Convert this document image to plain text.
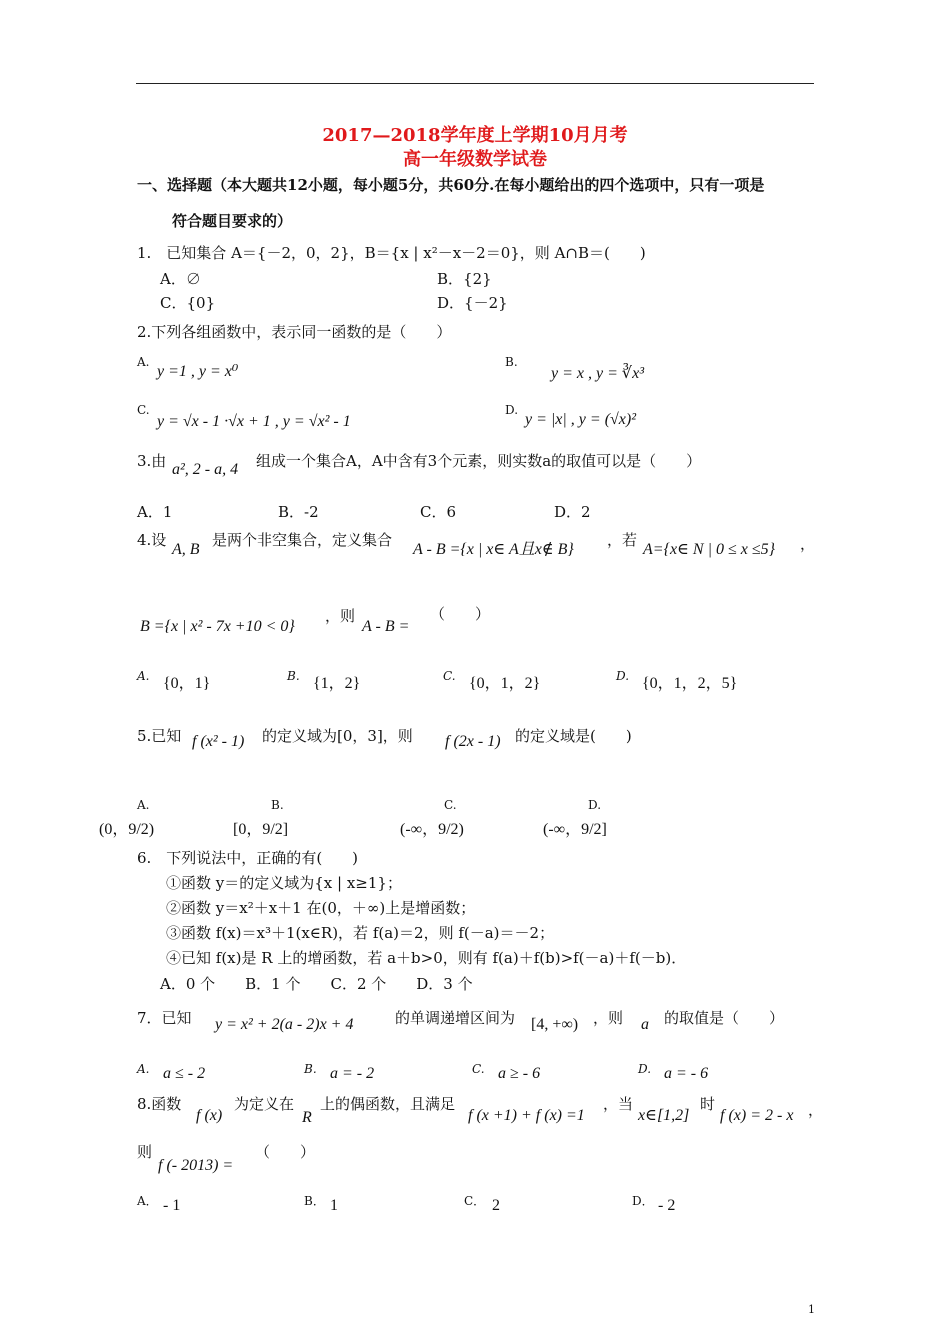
2017—2018学年度上学期10月月考
高一年级数学试卷
一、选择题（本大题共12小题，每小题5分，共60分.在每小题给出的四个选项中，只有一项是
符合题目要求的）
1.　已知集合 A＝{－2，0，2}，B＝{x | x²－x－2＝0}，则 A∩B＝(　　)
A．∅	B．{2}
C．{0}	D．{－2}
2.下列各组函数中，表示同一函数的是（　　）
A.
y =1 , y = x⁰
B.
y = x , y = ∛x³
C.
y = √x - 1 ·√x + 1 , y = √x² - 1
D.
y = |x| , y = (√x)²
3.由 a², 2 - a, 4 组成一个集合A，A中含有3个元素，则实数a的取值可以是（　　）
A．1	B．-2	C．6	D．2
4.设
A, B
是两个非空集合，定义集合
A - B ={x | x∈ A且x∉ B}
，若
A={x∈ N | 0 ≤ x ≤5} ，
B ={x | x² - 7x +10 < 0}
，则
A - B =
（　　）
A. {0，1}	B. {1，2}	C. {0，1，2}	D. {0，1，2，5}
5.已知 f (x² - 1) 的定义域为[0，3]，则 f (2x - 1) 的定义域是(　　)
A.
(0，9/2)
B.
[0，9/2]
C.
(-∞，9/2)
D.
(-∞，9/2]
6.　下列说法中，正确的有(　　)
①函数 y＝的定义域为{x | x≥1}；
②函数 y＝x²＋x＋1 在(0，＋∞)上是增函数；
③函数 f(x)＝x³＋1(x∈R)，若 f(a)＝2，则 f(－a)＝－2；
④已知 f(x)是 R 上的增函数，若 a＋b>0，则有 f(a)＋f(b)>f(－a)＋f(－b)．
A．0 个　　B．1 个　　C．2 个　　D．3 个
7．已知 y = x² + 2(a - 2)x + 4	的单调递增区间为 [4, +∞) ，则 a 的取值是（　　）
A. a ≤ - 2	B. a = - 2	C. a ≥ - 6	D. a = - 6
8.函数
f (x)
为定义在
R
上的偶函数，且满足
f (x +1) + f (x) =1
，当
x∈[1,2]
时
f (x) = 2 - x ，
则
f (- 2013) =
（　　）
A． - 1	B． 1	C． 2	D． - 2
1
